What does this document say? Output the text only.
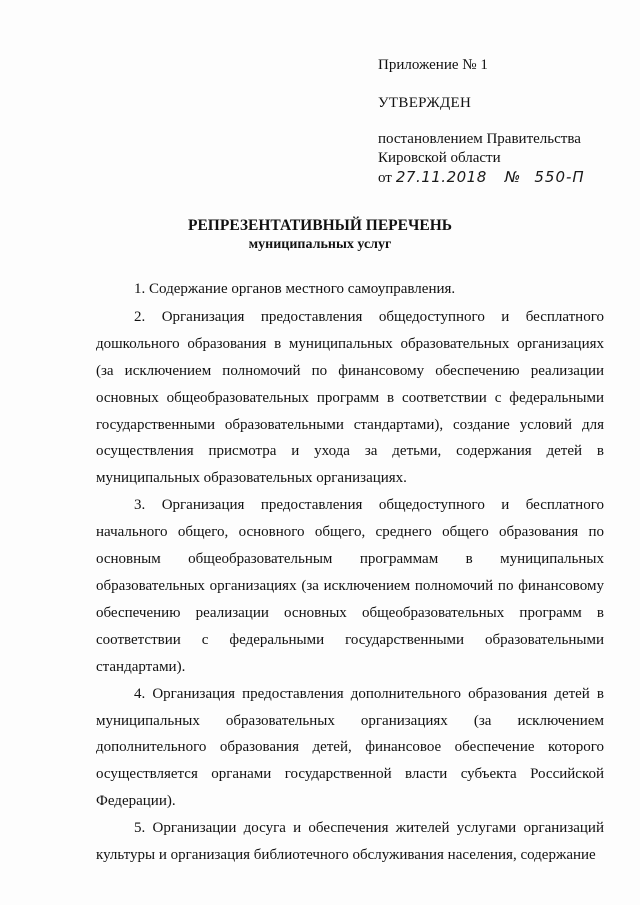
Приложение № 1
УТВЕРЖДЕН
постановлением Правительства
Кировской области
от 27.11.2018 № 550-П
РЕПРЕЗЕНТАТИВНЫЙ ПЕРЕЧЕНЬ
муниципальных услуг

1. Содержание органов местного самоуправления.

2. Организация предоставления общедоступного и бесплатного дошкольного образования в муниципальных образовательных организациях (за исключением полномочий по финансовому обеспечению реализации основных общеобразовательных программ в соответствии с федеральными государственными образовательными стандартами), создание условий для осуществления присмотра и ухода за детьми, содержания детей в муниципальных образовательных организациях.

3. Организация предоставления общедоступного и бесплатного начального общего, основного общего, среднего общего образования по основным общеобразовательным программам в муниципальных образовательных организациях (за исключением полномочий по финансовому обеспечению реализации основных общеобразовательных программ в соответствии с федеральными государственными образовательными стандартами).

4. Организация предоставления дополнительного образования детей в муниципальных образовательных организациях (за исключением дополнительного образования детей, финансовое обеспечение которого осуществляется органами государственной власти субъекта Российской Федерации).

5. Организации досуга и обеспечения жителей услугами организаций культуры и организация библиотечного обслуживания населения, содержание
